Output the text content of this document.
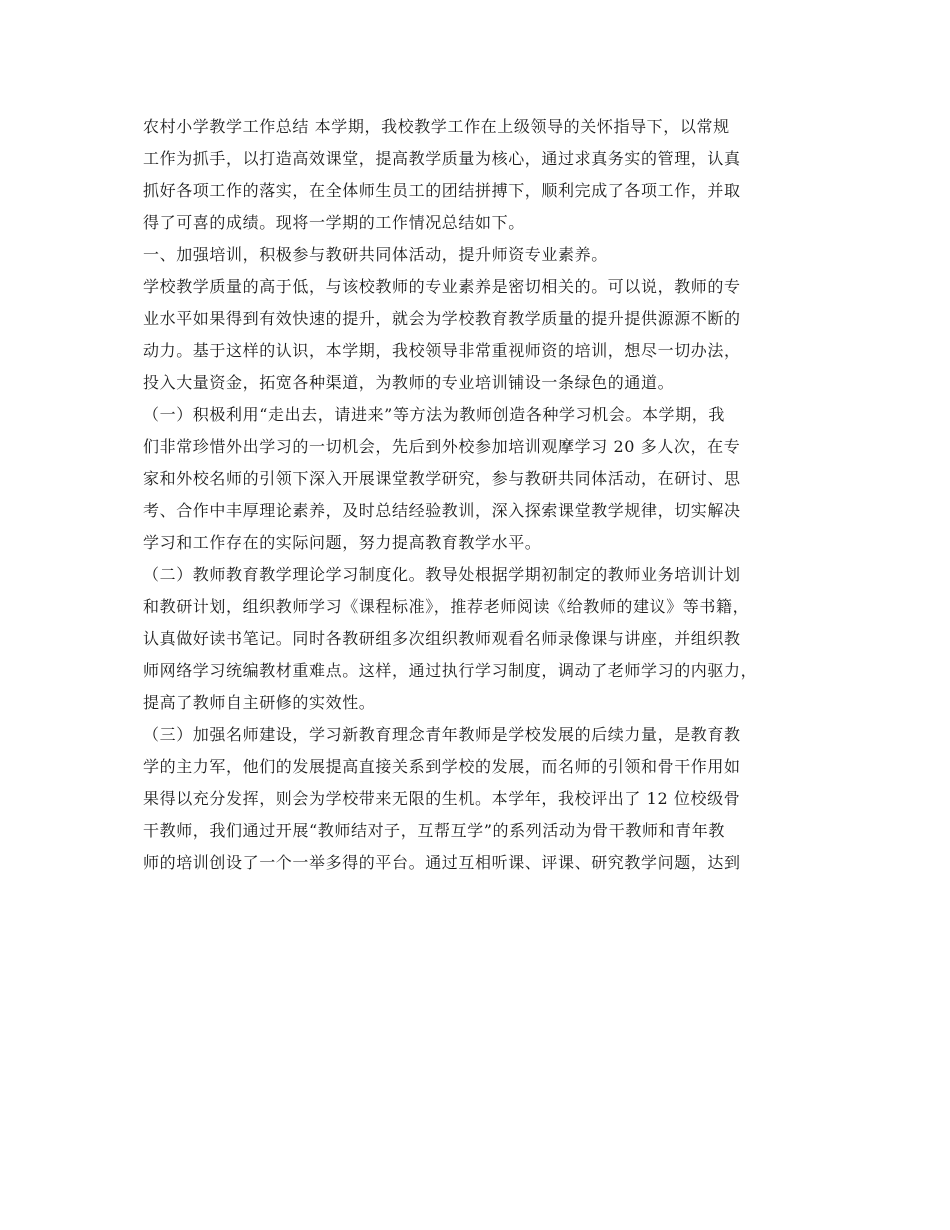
农村小学教学工作总结 本学期，我校教学工作在上级领导的关怀指导下，以常规
工作为抓手，以打造高效课堂，提高教学质量为核心，通过求真务实的管理，认真
抓好各项工作的落实，在全体师生员工的团结拼搏下，顺利完成了各项工作，并取
得了可喜的成绩。现将一学期的工作情况总结如下。
一、加强培训，积极参与教研共同体活动，提升师资专业素养。
学校教学质量的高于低，与该校教师的专业素养是密切相关的。可以说，教师的专
业水平如果得到有效快速的提升，就会为学校教育教学质量的提升提供源源不断的
动力。基于这样的认识，本学期，我校领导非常重视师资的培训，想尽一切办法，
投入大量资金，拓宽各种渠道，为教师的专业培训铺设一条绿色的通道。
（一）积极利用“走出去，请进来”等方法为教师创造各种学习机会。本学期，我
们非常珍惜外出学习的一切机会，先后到外校参加培训观摩学习 20 多人次，在专
家和外校名师的引领下深入开展课堂教学研究，参与教研共同体活动，在研讨、思
考、合作中丰厚理论素养，及时总结经验教训，深入探索课堂教学规律，切实解决
学习和工作存在的实际问题，努力提高教育教学水平。
（二）教师教育教学理论学习制度化。教导处根据学期初制定的教师业务培训计划
和教研计划，组织教师学习《课程标准》，推荐老师阅读《给教师的建议》等书籍，
认真做好读书笔记。同时各教研组多次组织教师观看名师录像课与讲座，并组织教
师网络学习统编教材重难点。这样，通过执行学习制度，调动了老师学习的内驱力，
提高了教师自主研修的实效性。
（三）加强名师建设，学习新教育理念青年教师是学校发展的后续力量，是教育教
学的主力军，他们的发展提高直接关系到学校的发展，而名师的引领和骨干作用如
果得以充分发挥，则会为学校带来无限的生机。本学年，我校评出了 12 位校级骨
干教师，我们通过开展“教师结对子，互帮互学”的系列活动为骨干教师和青年教
师的培训创设了一个一举多得的平台。通过互相听课、评课、研究教学问题，达到
